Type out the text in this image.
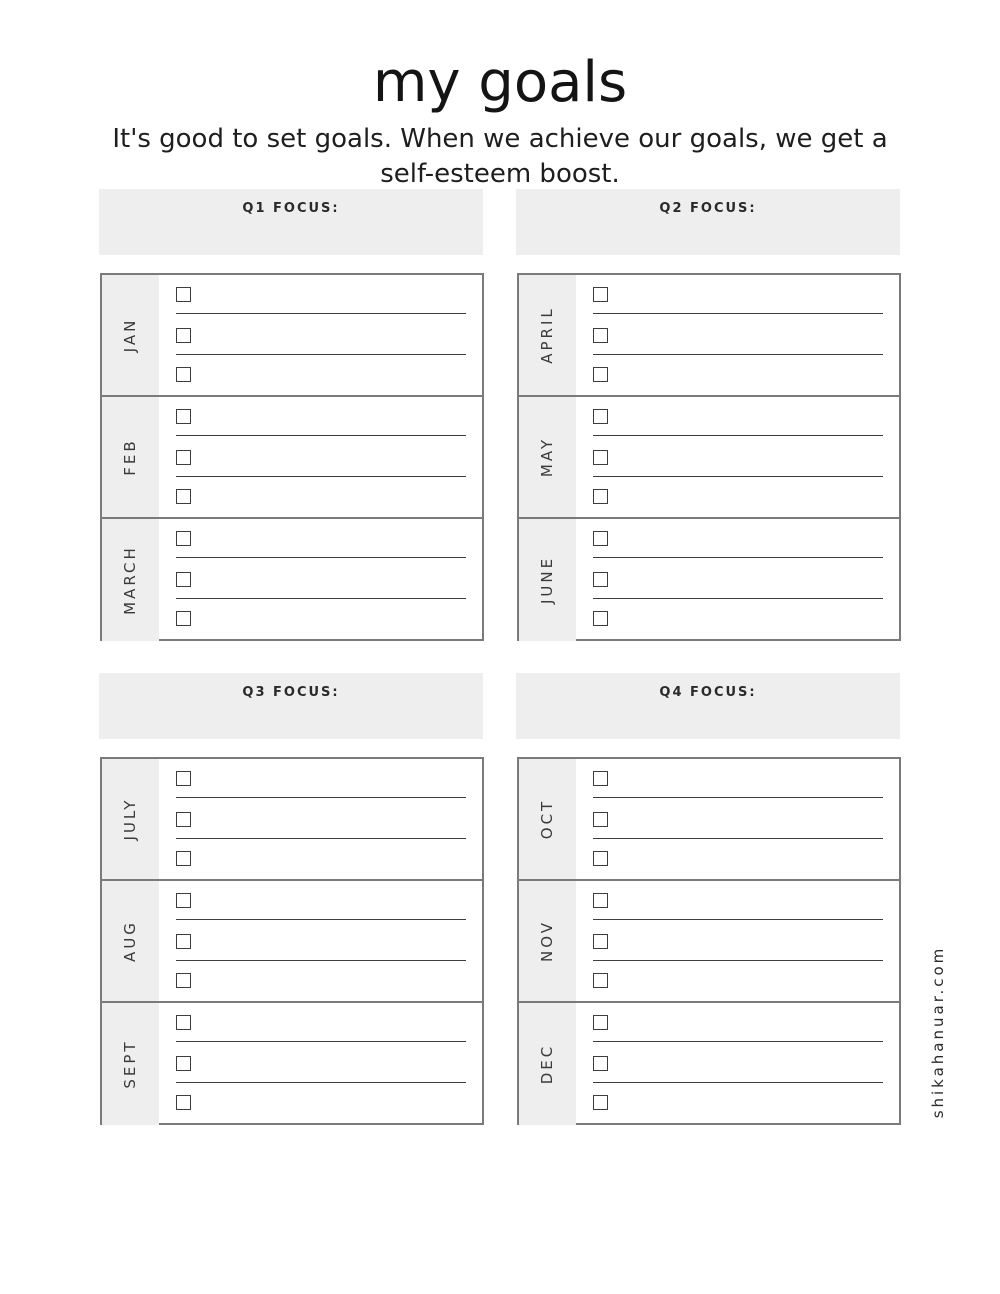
my goals
It's good to set goals. When we achieve our goals, we get a self-esteem boost.
Q1 FOCUS:
JAN
FEB
MARCH
Q2 FOCUS:
APRIL
MAY
JUNE
Q3 FOCUS:
JULY
AUG
SEPT
Q4 FOCUS:
OCT
NOV
DEC	shikahanuar.com
